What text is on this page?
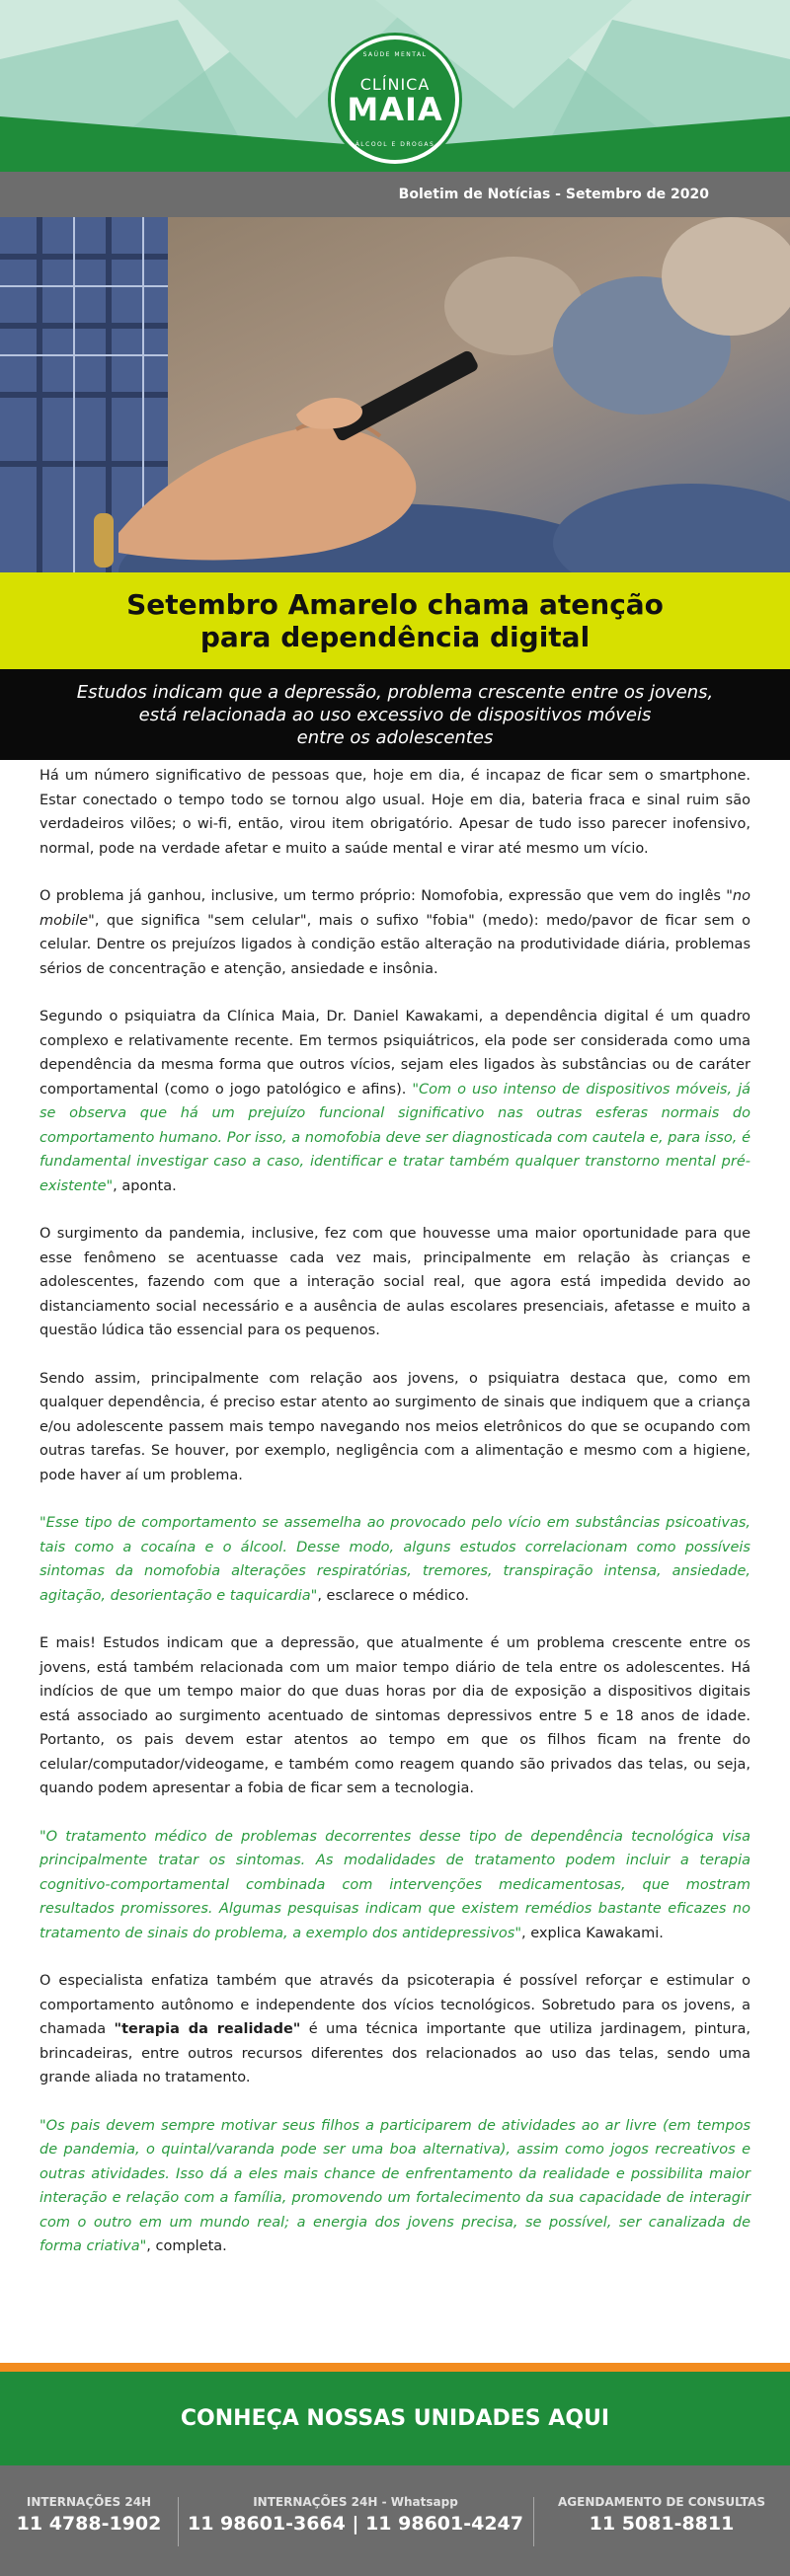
SAÚDE MENTAL
CLÍNICA
MAIA
ÁLCOOL E DROGAS
Boletim de Notícias - Setembro de 2020
Setembro Amarelo chama atenção
para dependência digital
Estudos indicam que a depressão, problema crescente entre os jovens,
está relacionada ao uso excessivo de dispositivos móveis
entre os adolescentes

Há um número significativo de pessoas que, hoje em dia, é incapaz de ficar sem o smartphone. Estar conectado o tempo todo se tornou algo usual. Hoje em dia, bateria fraca e sinal ruim são verdadeiros vilões; o wi-fi, então, virou item obrigatório. Apesar de tudo isso parecer inofensivo, normal, pode na verdade afetar e muito a saúde mental e virar até mesmo um vício.

O problema já ganhou, inclusive, um termo próprio: Nomofobia, expressão que vem do inglês "no mobile", que significa "sem celular", mais o sufixo "fobia" (medo): medo/pavor de ficar sem o celular. Dentre os prejuízos ligados à condição estão alteração na produtividade diária, problemas sérios de concentração e atenção, ansiedade e insônia.

Segundo o psiquiatra da Clínica Maia, Dr. Daniel Kawakami, a dependência digital é um quadro complexo e relativamente recente. Em termos psiquiátricos, ela pode ser considerada como uma dependência da mesma forma que outros vícios, sejam eles ligados às substâncias ou de caráter comportamental (como o jogo patológico e afins). "Com o uso intenso de dispositivos móveis, já se observa que há um prejuízo funcional significativo nas outras esferas normais do comportamento humano. Por isso, a nomofobia deve ser diagnosticada com cautela e, para isso, é fundamental investigar caso a caso, identificar e tratar também qualquer transtorno mental pré-existente", aponta.

O surgimento da pandemia, inclusive, fez com que houvesse uma maior oportunidade para que esse fenômeno se acentuasse cada vez mais, principalmente em relação às crianças e adolescentes, fazendo com que a interação social real, que agora está impedida devido ao distanciamento social necessário e a ausência de aulas escolares presenciais, afetasse e muito a questão lúdica tão essencial para os pequenos.

Sendo assim, principalmente com relação aos jovens, o psiquiatra destaca que, como em qualquer dependência, é preciso estar atento ao surgimento de sinais que indiquem que a criança e/ou adolescente passem mais tempo navegando nos meios eletrônicos do que se ocupando com outras tarefas. Se houver, por exemplo, negligência com a alimentação e mesmo com a higiene, pode haver aí um problema.

"Esse tipo de comportamento se assemelha ao provocado pelo vício em substâncias psicoativas, tais como a cocaína e o álcool. Desse modo, alguns estudos correlacionam como possíveis sintomas da nomofobia alterações respiratórias, tremores, transpiração intensa, ansiedade, agitação, desorientação e taquicardia", esclarece o médico.

E mais! Estudos indicam que a depressão, que atualmente é um problema crescente entre os jovens, está também relacionada com um maior tempo diário de tela entre os adolescentes. Há indícios de que um tempo maior do que duas horas por dia de exposição a dispositivos digitais está associado ao surgimento acentuado de sintomas depressivos entre 5 e 18 anos de idade. Portanto, os pais devem estar atentos ao tempo em que os filhos ficam na frente do celular/computador/videogame, e também como reagem quando são privados das telas, ou seja, quando podem apresentar a fobia de ficar sem a tecnologia.

"O tratamento médico de problemas decorrentes desse tipo de dependência tecnológica visa principalmente tratar os sintomas. As modalidades de tratamento podem incluir a terapia cognitivo-comportamental combinada com intervenções medicamentosas, que mostram resultados promissores. Algumas pesquisas indicam que existem remédios bastante eficazes no tratamento de sinais do problema, a exemplo dos antidepressivos", explica Kawakami.

O especialista enfatiza também que através da psicoterapia é possível reforçar e estimular o comportamento autônomo e independente dos vícios tecnológicos. Sobretudo para os jovens, a chamada "terapia da realidade" é uma técnica importante que utiliza jardinagem, pintura, brincadeiras, entre outros recursos diferentes dos relacionados ao uso das telas, sendo uma grande aliada no tratamento.

"Os pais devem sempre motivar seus filhos a participarem de atividades ao ar livre (em tempos de pandemia, o quintal/varanda pode ser uma boa alternativa), assim como jogos recreativos e outras atividades. Isso dá a eles mais chance de enfrentamento da realidade e possibilita maior interação e relação com a família, promovendo um fortalecimento da sua capacidade de interagir com o outro em um mundo real; a energia dos jovens precisa, se possível, ser canalizada de forma criativa", completa.

CONHEÇA NOSSAS UNIDADES AQUI
INTERNAÇÕES 24H
11 4788-1902
INTERNAÇÕES 24H - Whatsapp
11 98601-3664 | 11 98601-4247
AGENDAMENTO DE CONSULTAS
11 5081-8811
